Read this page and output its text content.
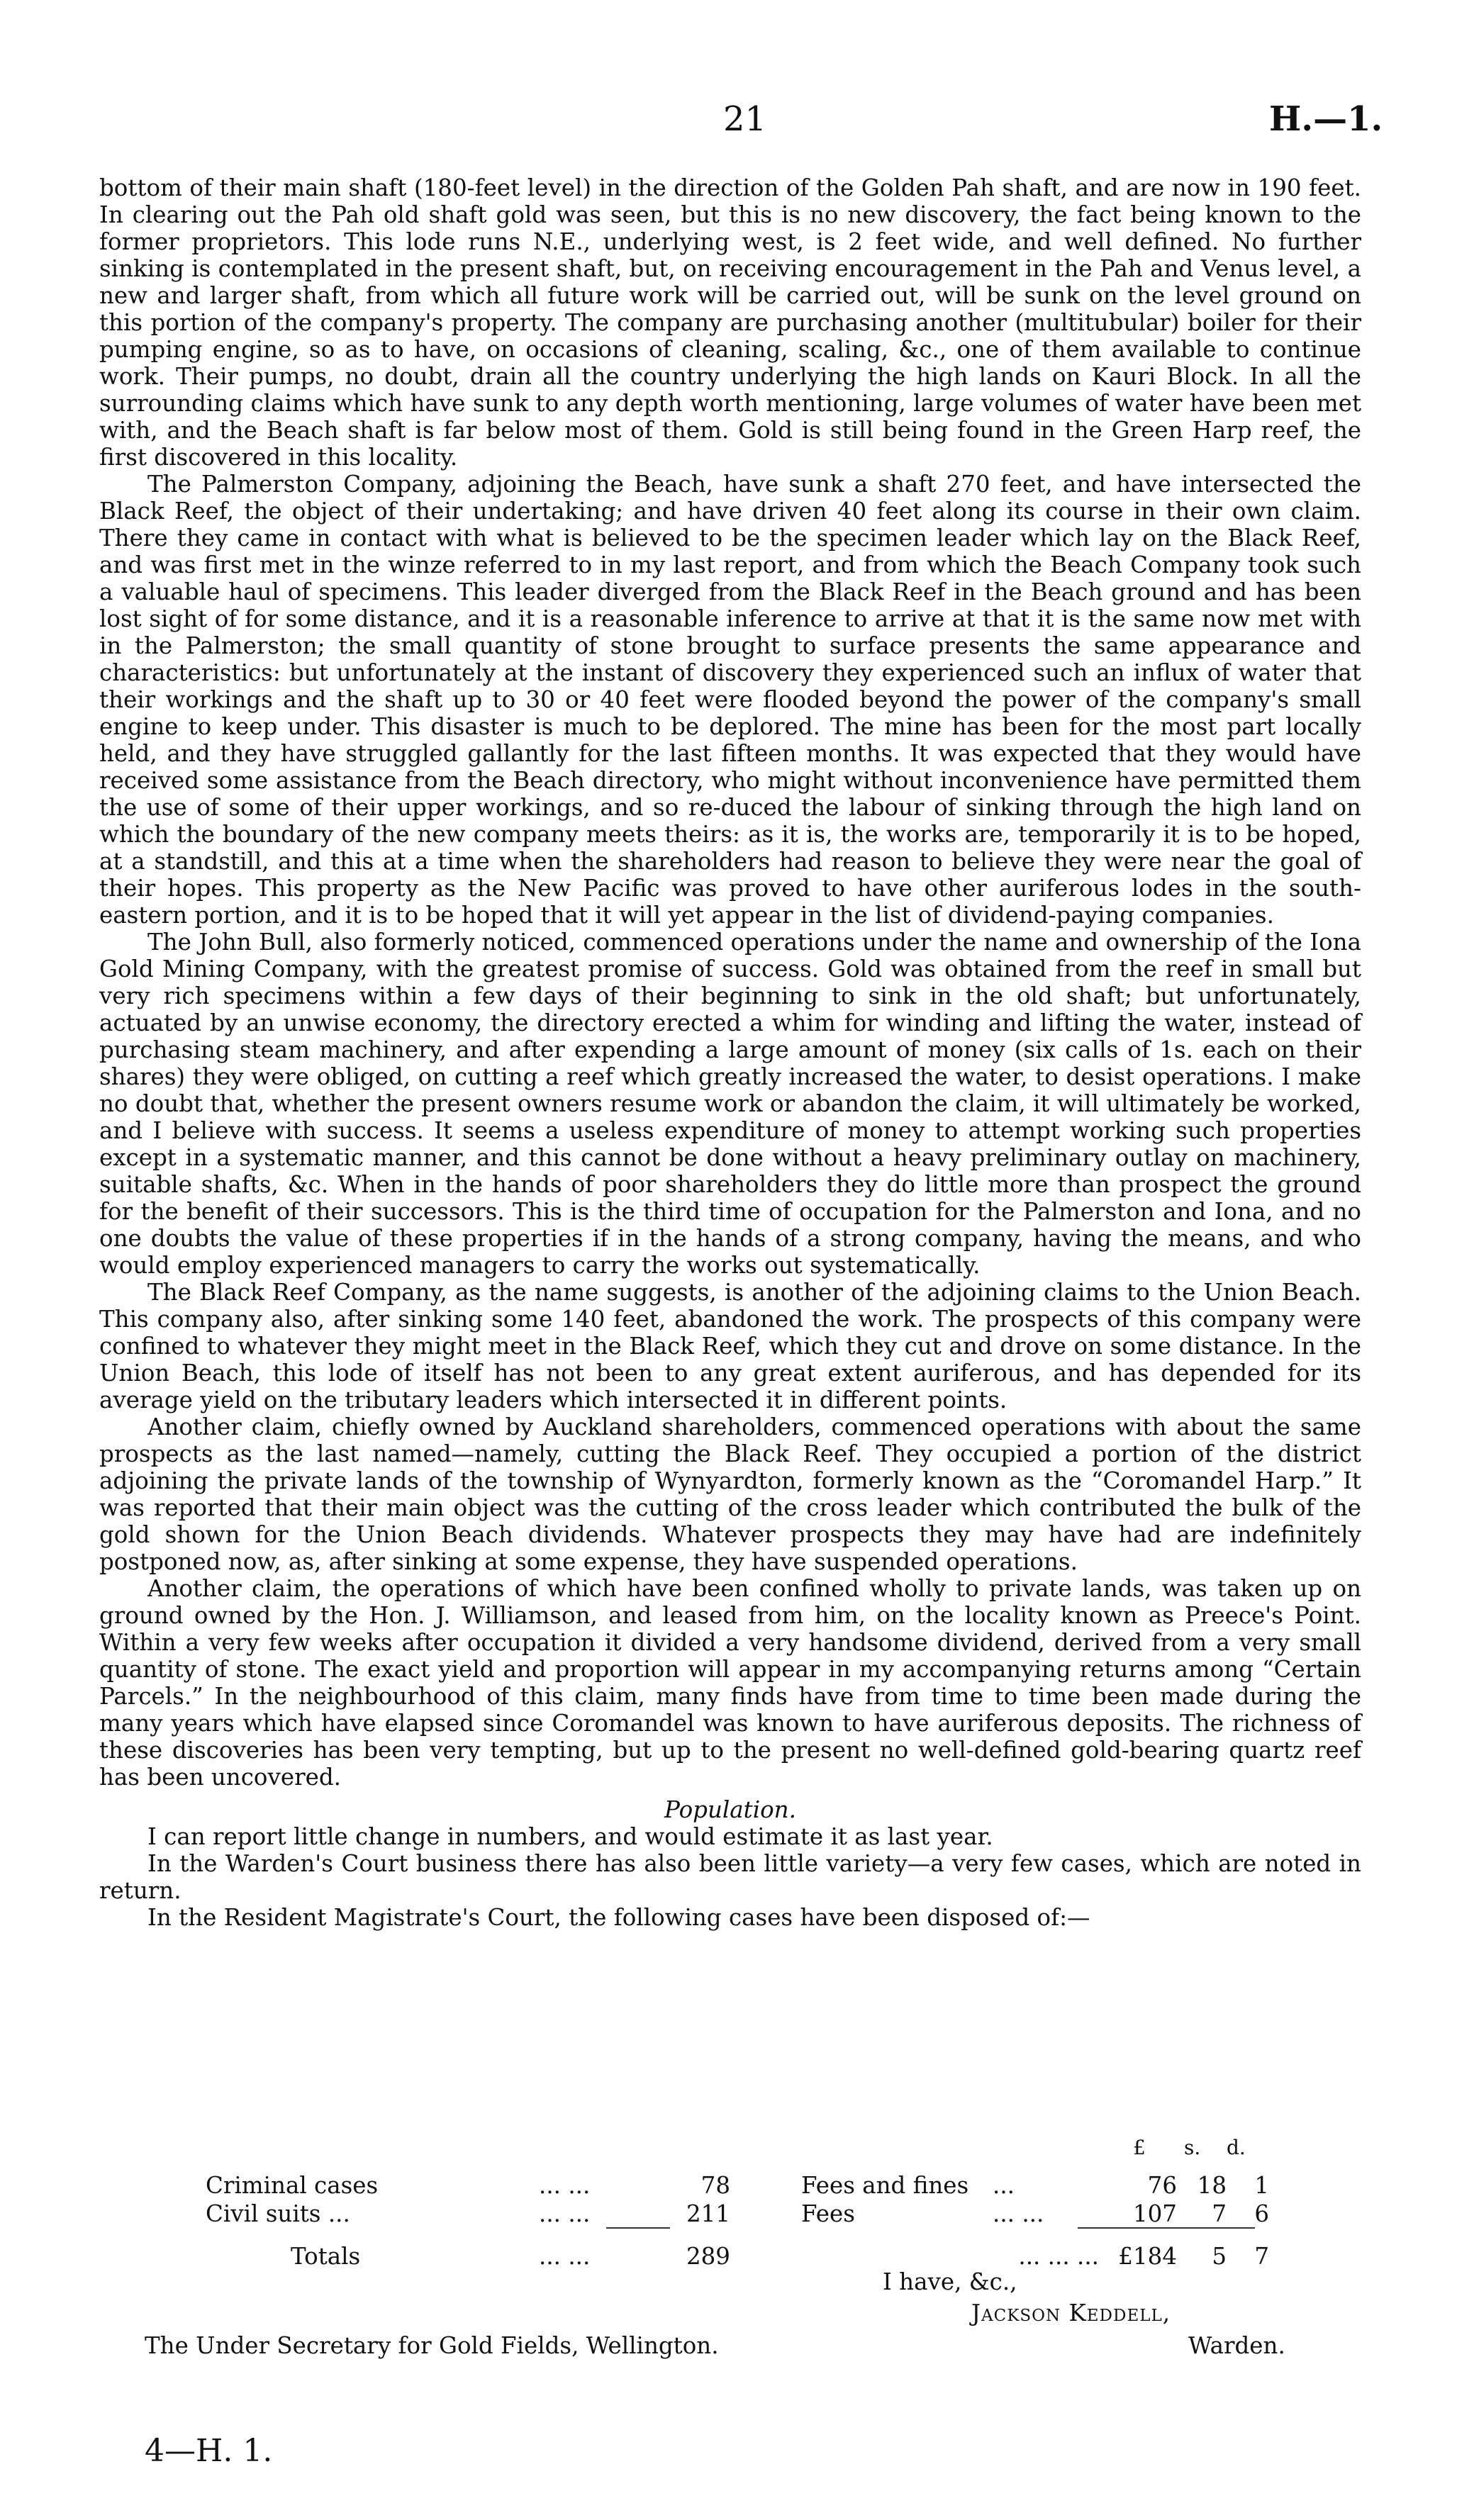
21	H.—1.

bottom of their main shaft (180-feet level) in the direction of the Golden Pah shaft, and are now in 190 feet. In clearing out the Pah old shaft gold was seen, but this is no new discovery, the fact being known to the former proprietors. This lode runs N.E., underlying west, is 2 feet wide, and well defined. No further sinking is contemplated in the present shaft, but, on receiving encouragement in the Pah and Venus level, a new and larger shaft, from which all future work will be carried out, will be sunk on the level ground on this portion of the company's property. The company are purchasing another (multitubular) boiler for their pumping engine, so as to have, on occasions of cleaning, scaling, &c., one of them available to continue work. Their pumps, no doubt, drain all the country underlying the high lands on Kauri Block. In all the surrounding claims which have sunk to any depth worth mentioning, large volumes of water have been met with, and the Beach shaft is far below most of them. Gold is still being found in the Green Harp reef, the first discovered in this locality.

The Palmerston Company, adjoining the Beach, have sunk a shaft 270 feet, and have intersected the Black Reef, the object of their undertaking; and have driven 40 feet along its course in their own claim. There they came in contact with what is believed to be the specimen leader which lay on the Black Reef, and was first met in the winze referred to in my last report, and from which the Beach Company took such a valuable haul of specimens. This leader diverged from the Black Reef in the Beach ground and has been lost sight of for some distance, and it is a reasonable inference to arrive at that it is the same now met with in the Palmerston; the small quantity of stone brought to surface presents the same appearance and characteristics: but unfortunately at the instant of discovery they experienced such an influx of water that their workings and the shaft up to 30 or 40 feet were flooded beyond the power of the company's small engine to keep under. This disaster is much to be deplored. The mine has been for the most part locally held, and they have struggled gallantly for the last fifteen months. It was expected that they would have received some assistance from the Beach directory, who might without inconvenience have permitted them the use of some of their upper workings, and so re-duced the labour of sinking through the high land on which the boundary of the new company meets theirs: as it is, the works are, temporarily it is to be hoped, at a standstill, and this at a time when the shareholders had reason to believe they were near the goal of their hopes. This property as the New Pacific was proved to have other auriferous lodes in the south-eastern portion, and it is to be hoped that it will yet appear in the list of dividend-paying companies.

The John Bull, also formerly noticed, commenced operations under the name and ownership of the Iona Gold Mining Company, with the greatest promise of success. Gold was obtained from the reef in small but very rich specimens within a few days of their beginning to sink in the old shaft; but unfortunately, actuated by an unwise economy, the directory erected a whim for winding and lifting the water, instead of purchasing steam machinery, and after expending a large amount of money (six calls of 1s. each on their shares) they were obliged, on cutting a reef which greatly increased the water, to desist operations. I make no doubt that, whether the present owners resume work or abandon the claim, it will ultimately be worked, and I believe with success. It seems a useless expenditure of money to attempt working such properties except in a systematic manner, and this cannot be done without a heavy preliminary outlay on machinery, suitable shafts, &c. When in the hands of poor shareholders they do little more than prospect the ground for the benefit of their successors. This is the third time of occupation for the Palmerston and Iona, and no one doubts the value of these properties if in the hands of a strong company, having the means, and who would employ experienced managers to carry the works out systematically.

The Black Reef Company, as the name suggests, is another of the adjoining claims to the Union Beach. This company also, after sinking some 140 feet, abandoned the work. The prospects of this company were confined to whatever they might meet in the Black Reef, which they cut and drove on some distance. In the Union Beach, this lode of itself has not been to any great extent auriferous, and has depended for its average yield on the tributary leaders which intersected it in different points.

Another claim, chiefly owned by Auckland shareholders, commenced operations with about the same prospects as the last named—namely, cutting the Black Reef. They occupied a portion of the district adjoining the private lands of the township of Wynyardton, formerly known as the “Coromandel Harp.” It was reported that their main object was the cutting of the cross leader which contributed the bulk of the gold shown for the Union Beach dividends. Whatever prospects they may have had are indefinitely postponed now, as, after sinking at some expense, they have suspended operations.

Another claim, the operations of which have been confined wholly to private lands, was taken up on ground owned by the Hon. J. Williamson, and leased from him, on the locality known as Preece's Point. Within a very few weeks after occupation it divided a very handsome dividend, derived from a very small quantity of stone. The exact yield and proportion will appear in my accompanying returns among “Certain Parcels.” In the neighbourhood of this claim, many finds have from time to time been made during the many years which have elapsed since Coromandel was known to have auriferous deposits. The richness of these discoveries has been very tempting, but up to the present no well-defined gold-bearing quartz reef has been uncovered.

Population.

I can report little change in numbers, and would estimate it as last year.

In the Warden's Court business there has also been little variety—a very few cases, which are noted in return.

In the Resident Magistrate's Court, the following cases have been disposed of:—

£ s. d.
Criminal cases	... ...	78	Fees and fines	...	76	18	1
Civil suits ...	... ...	211	Fees	... ...	107	7	6
Totals	... ...	289		... ... ...	£184	5	7
I have, &c.,
Jackson Keddell,
Warden.
The Under Secretary for Gold Fields, Wellington.
4—H. 1.
